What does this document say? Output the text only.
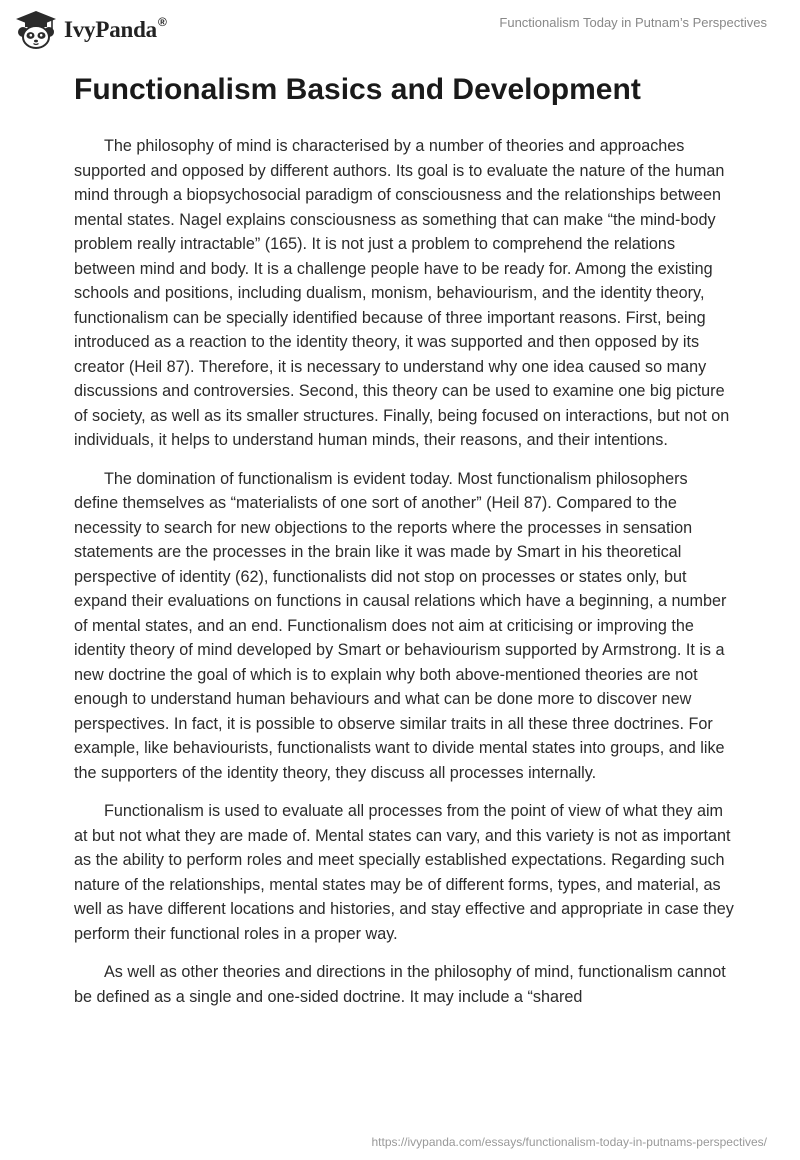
IvyPanda ®	Functionalism Today in Putnam’s Perspectives
Functionalism Basics and Development

The philosophy of mind is characterised by a number of theories and approaches supported and opposed by different authors. Its goal is to evaluate the nature of the human mind through a biopsychosocial paradigm of consciousness and the relationships between mental states. Nagel explains consciousness as something that can make “the mind-body problem really intractable” (165). It is not just a problem to comprehend the relations between mind and body. It is a challenge people have to be ready for. Among the existing schools and positions, including dualism, monism, behaviourism, and the identity theory, functionalism can be specially identified because of three important reasons. First, being introduced as a reaction to the identity theory, it was supported and then opposed by its creator (Heil 87). Therefore, it is necessary to understand why one idea caused so many discussions and controversies. Second, this theory can be used to examine one big picture of society, as well as its smaller structures. Finally, being focused on interactions, but not on individuals, it helps to understand human minds, their reasons, and their intentions.

The domination of functionalism is evident today. Most functionalism philosophers define themselves as “materialists of one sort of another” (Heil 87). Compared to the necessity to search for new objections to the reports where the processes in sensation statements are the processes in the brain like it was made by Smart in his theoretical perspective of identity (62), functionalists did not stop on processes or states only, but expand their evaluations on functions in causal relations which have a beginning, a number of mental states, and an end. Functionalism does not aim at criticising or improving the identity theory of mind developed by Smart or behaviourism supported by Armstrong. It is a new doctrine the goal of which is to explain why both above-mentioned theories are not enough to understand human behaviours and what can be done more to discover new perspectives. In fact, it is possible to observe similar traits in all these three doctrines. For example, like behaviourists, functionalists want to divide mental states into groups, and like the supporters of the identity theory, they discuss all processes internally.

Functionalism is used to evaluate all processes from the point of view of what they aim at but not what they are made of. Mental states can vary, and this variety is not as important as the ability to perform roles and meet specially established expectations. Regarding such nature of the relationships, mental states may be of different forms, types, and material, as well as have different locations and histories, and stay effective and appropriate in case they perform their functional roles in a proper way.

As well as other theories and directions in the philosophy of mind, functionalism cannot be defined as a single and one-sided doctrine. It may include a “shared

https://ivypanda.com/essays/functionalism-today-in-putnams-perspectives/
